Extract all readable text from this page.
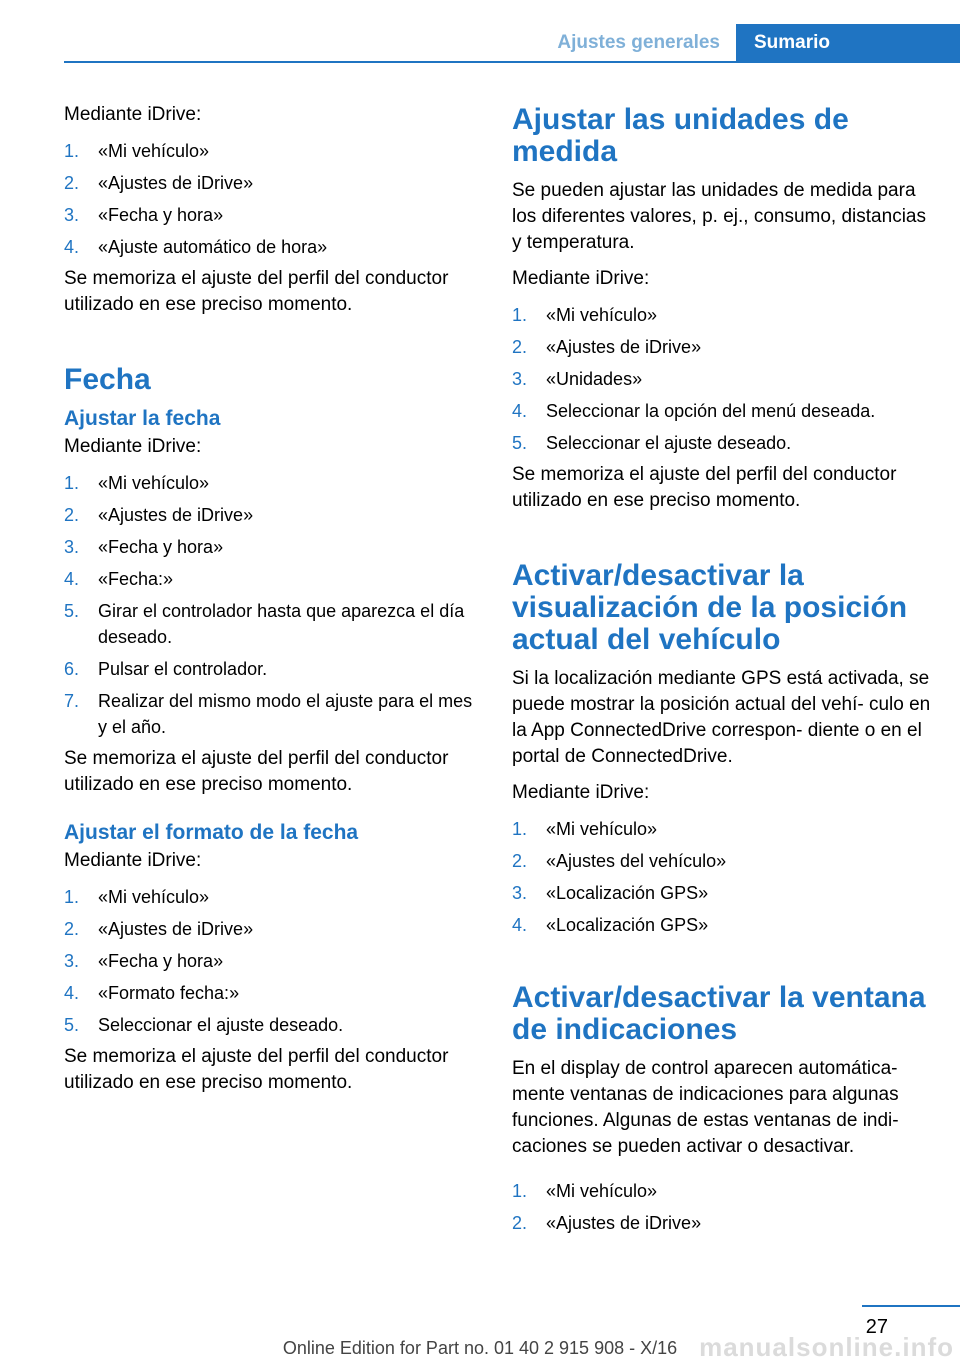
Ajustes generales	Sumario
Mediante iDrive:
1.	«Mi vehículo»
2.	«Ajustes de iDrive»
3.	«Fecha y hora»
4.	«Ajuste automático de hora»
Se memoriza el ajuste del perfil del conductor utilizado en ese preciso momento.
Fecha
Ajustar la fecha
Mediante iDrive:
1.	«Mi vehículo»
2.	«Ajustes de iDrive»
3.	«Fecha y hora»
4.	«Fecha:»
5.	Girar el controlador hasta que aparezca el día deseado.
6.	Pulsar el controlador.
7.	Realizar del mismo modo el ajuste para el mes y el año.
Se memoriza el ajuste del perfil del conductor utilizado en ese preciso momento.
Ajustar el formato de la fecha
Mediante iDrive:
1.	«Mi vehículo»
2.	«Ajustes de iDrive»
3.	«Fecha y hora»
4.	«Formato fecha:»
5.	Seleccionar el ajuste deseado.
Se memoriza el ajuste del perfil del conductor utilizado en ese preciso momento.
Ajustar las unidades de medida
Se pueden ajustar las unidades de medida para los diferentes valores, p. ej., consumo, distancias y temperatura.
Mediante iDrive:
1.	«Mi vehículo»
2.	«Ajustes de iDrive»
3.	«Unidades»
4.	Seleccionar la opción del menú deseada.
5.	Seleccionar el ajuste deseado.
Se memoriza el ajuste del perfil del conductor utilizado en ese preciso momento.
Activar/desactivar la visualización de la posición actual del vehículo
Si la localización mediante GPS está activada, se puede mostrar la posición actual del vehí‐ culo en la App ConnectedDrive correspon‐ diente o en el portal de ConnectedDrive.
Mediante iDrive:
1.	«Mi vehículo»
2.	«Ajustes del vehículo»
3.	«Localización GPS»
4.	«Localización GPS»
Activar/desactivar la ventana de indicaciones
En el display de control aparecen automática‐ mente ventanas de indicaciones para algunas funciones. Algunas de estas ventanas de indi‐ caciones se pueden activar o desactivar.
1.	«Mi vehículo»
2.	«Ajustes de iDrive»
27
Online Edition for Part no. 01 40 2 915 908 - X/16 manualsonline.info
